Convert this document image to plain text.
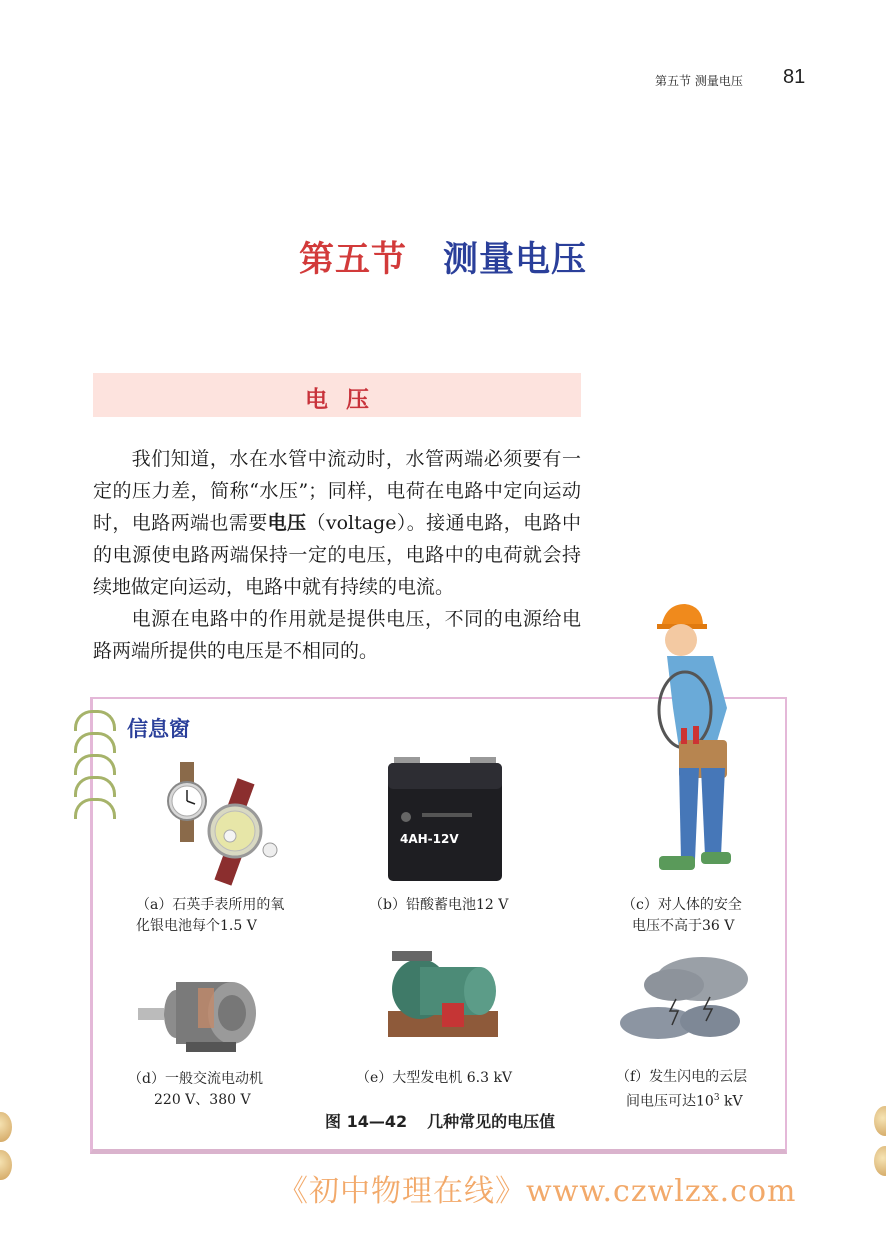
第五节 测量电压 81
第五节 测量电压
电压
我们知道，水在水管中流动时，水管两端必须要有一定的压力差，简称“水压”；同样，电荷在电路中定向运动时，电路两端也需要电压（voltage）。接通电路，电路中的电源使电路两端保持一定的电压，电路中的电荷就会持续地做定向运动，电路中就有持续的电流。
电源在电路中的作用就是提供电压，不同的电源给电路两端所提供的电压是不相同的。
信息窗
4AH-12V
（a）石英手表所用的氧
化银电池每个1.5 V
（b）铅酸蓄电池12 V	（c）对人体的安全
电压不高于36 V
（d）一般交流电动机
220 V、380 V
（e）大型发电机 6.3 kV	（f）发生闪电的云层
间电压可达$10^3$ kV
图 14—42 几种常见的电压值
《初中物理在线》www.czwlzx.com
